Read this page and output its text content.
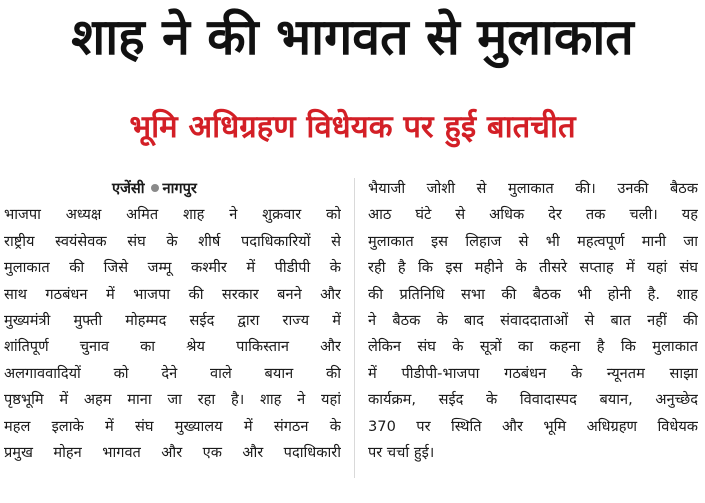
शाह ने की भागवत से मुलाकात
भूमि अधिग्रहण विधेयक पर हुई बातचीत
एजेंसी नागपुर
भाजपा अध्यक्ष अमित शाह ने शुक्रवार को
राष्ट्रीय स्वयंसेवक संघ के शीर्ष पदाधिकारियों से
मुलाकात की जिसे जम्मू कश्मीर में पीडीपी के
साथ गठबंधन में भाजपा की सरकार बनने और
मुख्यमंत्री मुफ्ती मोहम्मद सईद द्वारा राज्य में
शांतिपूर्ण चुनाव का श्रेय पाकिस्तान और
अलगाववादियों को देने वाले बयान की
पृष्ठभूमि में अहम माना जा रहा है। शाह ने यहां
महल इलाके में संघ मुख्यालय में संगठन के
प्रमुख मोहन भागवत और एक और पदाधिकारी
भैयाजी जोशी से मुलाकात की। उनकी बैठक
आठ घंटे से अधिक देर तक चली। यह
मुलाकात इस लिहाज से भी महत्वपूर्ण मानी जा
रही है कि इस महीने के तीसरे सप्ताह में यहां संघ
की प्रतिनिधि सभा की बैठक भी होनी है. शाह
ने बैठक के बाद संवाददाताओं से बात नहीं की
लेकिन संघ के सूत्रों का कहना है कि मुलाकात
में पीडीपी-भाजपा गठबंधन के न्यूनतम साझा
कार्यक्रम, सईद के विवादास्पद बयान, अनुच्छेद
370 पर स्थिति और भूमि अधिग्रहण विधेयक
पर चर्चा हुई।
